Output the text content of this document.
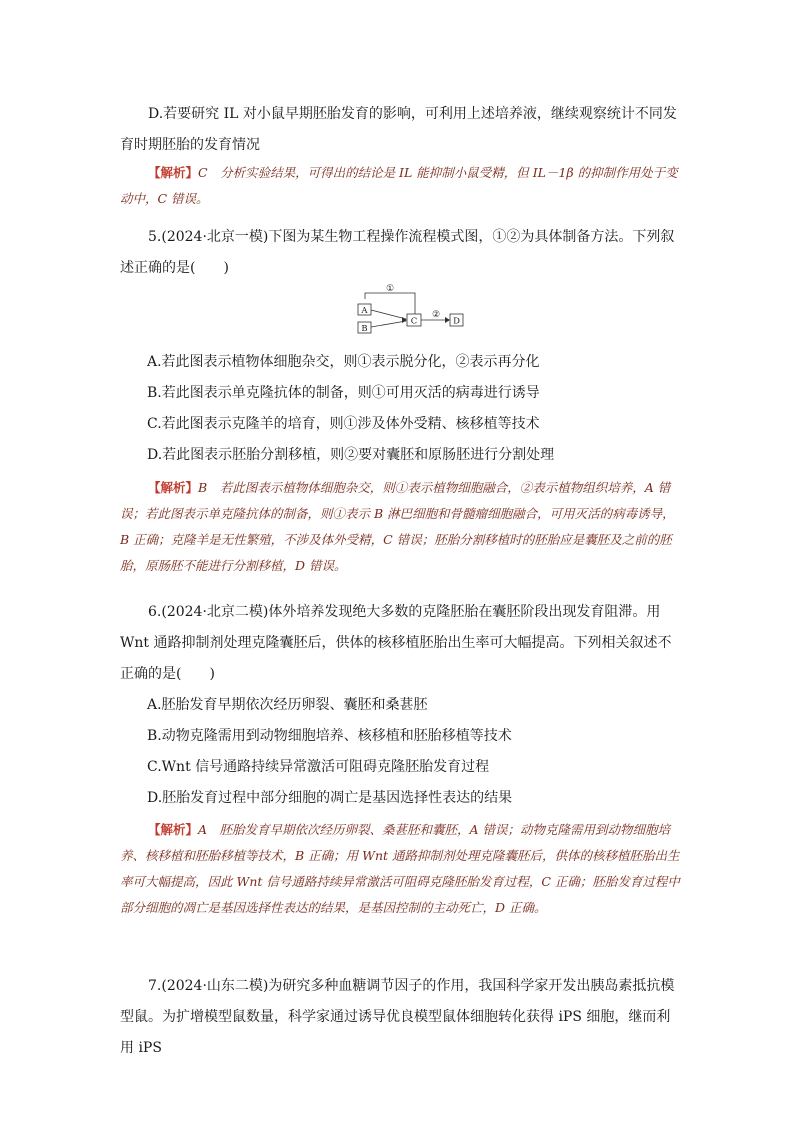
D.若要研究 IL 对小鼠早期胚胎发育的影响，可利用上述培养液，继续观察统计不同发育时期胚胎的发育情况

【解析】C　分析实验结果，可得出的结论是 IL 能抑制小鼠受精，但 IL－1β 的抑制作用处于变动中，C 错误。

5.(2024·北京一模)下图为某生物工程操作流程模式图，①②为具体制备方法。下列叙述正确的是(　　)

①
A
B
C	D
②

A.若此图表示植物体细胞杂交，则①表示脱分化，②表示再分化

B.若此图表示单克隆抗体的制备，则①可用灭活的病毒进行诱导

C.若此图表示克隆羊的培育，则①涉及体外受精、核移植等技术

D.若此图表示胚胎分割移植，则②要对囊胚和原肠胚进行分割处理

【解析】B　若此图表示植物体细胞杂交，则①表示植物细胞融合，②表示植物组织培养，A 错误；若此图表示单克隆抗体的制备，则①表示 B 淋巴细胞和骨髓瘤细胞融合，可用灭活的病毒诱导，B 正确；克隆羊是无性繁殖，不涉及体外受精，C 错误；胚胎分割移植时的胚胎应是囊胚及之前的胚胎，原肠胚不能进行分割移植，D 错误。

6.(2024·北京二模)体外培养发现绝大多数的克隆胚胎在囊胚阶段出现发育阻滞。用 Wnt 通路抑制剂处理克隆囊胚后，供体的核移植胚胎出生率可大幅提高。下列相关叙述不正确的是(　　)

A.胚胎发育早期依次经历卵裂、囊胚和桑葚胚

B.动物克隆需用到动物细胞培养、核移植和胚胎移植等技术

C.Wnt 信号通路持续异常激活可阻碍克隆胚胎发育过程

D.胚胎发育过程中部分细胞的凋亡是基因选择性表达的结果

【解析】A　胚胎发育早期依次经历卵裂、桑葚胚和囊胚，A 错误；动物克隆需用到动物细胞培养、核移植和胚胎移植等技术，B 正确；用 Wnt 通路抑制剂处理克隆囊胚后，供体的核移植胚胎出生率可大幅提高，因此 Wnt 信号通路持续异常激活可阻碍克隆胚胎发育过程，C 正确；胚胎发育过程中部分细胞的凋亡是基因选择性表达的结果，是基因控制的主动死亡，D 正确。

7.(2024·山东二模)为研究多种血糖调节因子的作用，我国科学家开发出胰岛素抵抗模型鼠。为扩增模型鼠数量，科学家通过诱导优良模型鼠体细胞转化获得 iPS 细胞，继而利用 iPS
